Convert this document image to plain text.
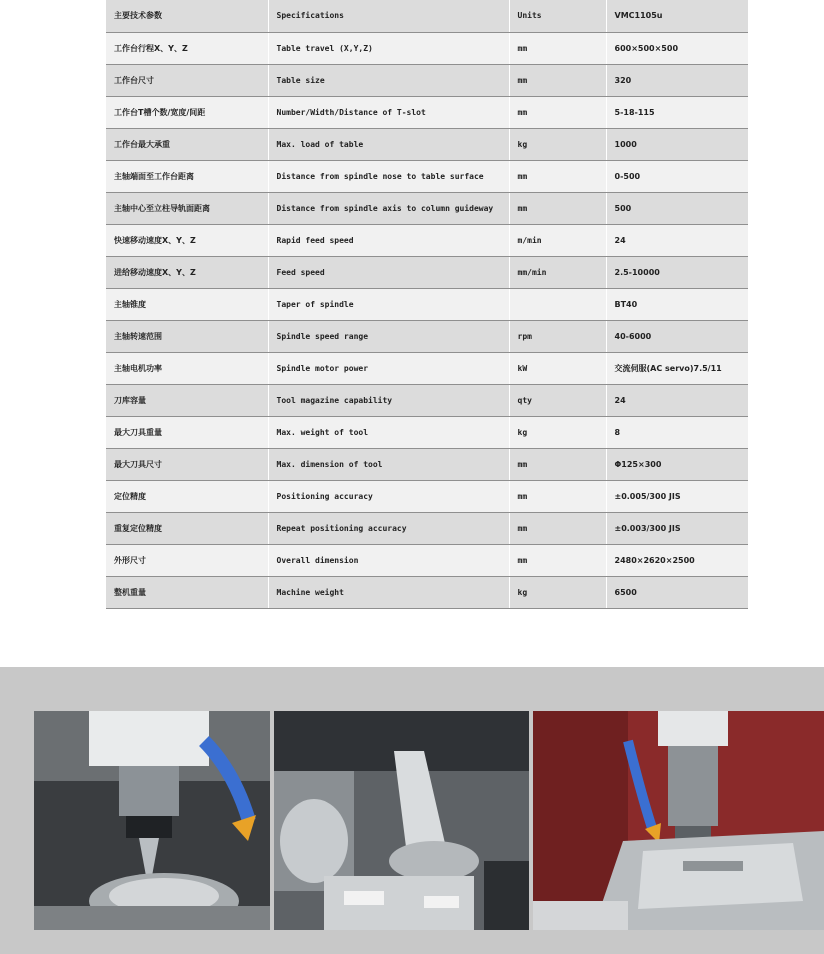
主要技术参数	Specifications	Units	VMC1105u
工作台行程X、Y、Z	Table travel (X,Y,Z)	mm	600×500×500
工作台尺寸	Table size	mm	320
工作台T槽个数/宽度/间距	Number/Width/Distance of T-slot	mm	5-18-115
工作台最大承重	Max. load of table	kg	1000
主轴端面至工作台距离	Distance from spindle nose to table surface	mm	0-500
主轴中心至立柱导轨面距离	Distance from spindle axis to column guideway	mm	500
快速移动速度X、Y、Z	Rapid feed speed	m/min	24
进给移动速度X、Y、Z	Feed speed	mm/min	2.5-10000
主轴锥度	Taper of spindle		BT40
主轴转速范围	Spindle speed range	rpm	40-6000
主轴电机功率	Spindle motor power	kW	交流伺服(AC servo)7.5/11
刀库容量	Tool magazine capability	qty	24
最大刀具重量	Max. weight of tool	kg	8
最大刀具尺寸	Max. dimension of tool	mm	Φ125×300
定位精度	Positioning accuracy	mm	±0.005/300 JIS
重复定位精度	Repeat positioning accuracy	mm	±0.003/300 JIS
外形尺寸	Overall dimension	mm	2480×2620×2500
整机重量	Machine weight	kg	6500
